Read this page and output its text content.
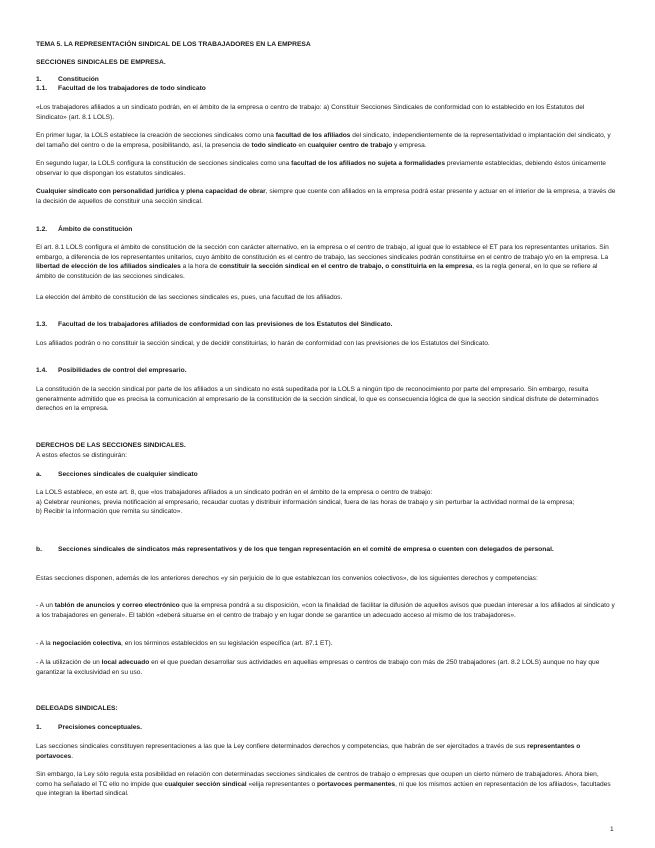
TEMA 5. LA REPRESENTACIÓN SINDICAL DE LOS TRABAJADORES EN LA EMPRESA

SECCIONES SINDICALES DE EMPRESA.

1. Constitución

1.1. Facultad de los trabajadores de todo sindicato

«Los trabajadores afiliados a un sindicato podrán, en el ámbito de la empresa o centro de trabajo: a) Constituir Secciones Sindicales de conformidad con lo establecido en los Estatutos del Sindicato» (art. 8.1 LOLS).

En primer lugar, la LOLS establece la creación de secciones sindicales como una facultad de los afiliados del sindicato, independientemente de la representatividad o implantación del sindicato, y del tamaño del centro o de la empresa, posibilitando, así, la presencia de todo sindicato en cualquier centro de trabajo y empresa.

En segundo lugar, la LOLS configura la constitución de secciones sindicales como una facultad de los afiliados no sujeta a formalidades previamente establecidas, debiendo éstos únicamente observar lo que dispongan los estatutos sindicales.

Cualquier sindicato con personalidad jurídica y plena capacidad de obrar, siempre que cuente con afiliados en la empresa podrá estar presente y actuar en el interior de la empresa, a través de la decisión de aquellos de constituir una sección sindical.

1.2. Ámbito de constitución

El art. 8.1 LOLS configura el ámbito de constitución de la sección con carácter alternativo, en la empresa o el centro de trabajo, al igual que lo establece el ET para los representantes unitarios. Sin embargo, a diferencia de los representantes unitarios, cuyo ámbito de constitución es el centro de trabajo, las secciones sindicales podrán constituirse en el centro de trabajo y/o en la empresa. La libertad de elección de los afiliados sindicales a la hora de constituir la sección sindical en el centro de trabajo, o constituirla en la empresa, es la regla general, en lo que se refiere al ámbito de constitución de las secciones sindicales.

La elección del ámbito de constitución de las secciones sindicales es, pues, una facultad de los afiliados.

1.3. Facultad de los trabajadores afiliados de conformidad con las previsiones de los Estatutos del Sindicato.

Los afiliados podrán o no constituir la sección sindical, y de decidir constituirlas, lo harán de conformidad con las previsiones de los Estatutos del Sindicato.

1.4. Posibilidades de control del empresario.

La constitución de la sección sindical por parte de los afiliados a un sindicato no está supeditada por la LOLS a ningún tipo de reconocimiento por parte del empresario. Sin embargo, resulta generalmente admitido que es precisa la comunicación al empresario de la constitución de la sección sindical, lo que es consecuencia lógica de que la sección sindical disfrute de determinados derechos en la empresa.

DERECHOS DE LAS SECCIONES SINDICALES.

A estos efectos se distinguirán:

a. Secciones sindicales de cualquier sindicato

La LOLS establece, en este art. 8, que «los trabajadores afiliados a un sindicato podrán en el ámbito de la empresa o centro de trabajo:
a) Celebrar reuniones, previa notificación al empresario, recaudar cuotas y distribuir información sindical, fuera de las horas de trabajo y sin perturbar la actividad normal de la empresa;
b) Recibir la información que remita su sindicato».

b. Secciones sindicales de sindicatos más representativos y de los que tengan representación en el comité de empresa o cuenten con delegados de personal.

Estas secciones disponen, además de los anteriores derechos «y sin perjuicio de lo que establezcan los convenios colectivos», de los siguientes derechos y competencias:

- A un tablón de anuncios y correo electrónico que la empresa pondrá a su disposición, «con la finalidad de facilitar la difusión de aquellos avisos que puedan interesar a los afiliados al sindicato y a los trabajadores en general». El tablón «deberá situarse en el centro de trabajo y en lugar donde se garantice un adecuado acceso al mismo de los trabajadores».

- A la negociación colectiva, en los términos establecidos en su legislación específica (art. 87.1 ET).

- A la utilización de un local adecuado en el que puedan desarrollar sus actividades en aquellas empresas o centros de trabajo con más de 250 trabajadores (art. 8.2 LOLS) aunque no hay que garantizar la exclusividad en su uso.

DELEGADS SINDICALES:

1. Precisiones conceptuales.

Las secciones sindicales constituyen representaciones a las que la Ley confiere determinados derechos y competencias, que habrán de ser ejercitados a través de sus representantes o portavoces.

Sin embargo, la Ley sólo regula esta posibilidad en relación con determinadas secciones sindicales de centros de trabajo o empresas que ocupen un cierto número de trabajadores. Ahora bien, como ha señalado el TC ello no impide que cualquier sección sindical «elija representantes o portavoces permanentes, ni que los mismos actúen en representación de los afiliados», facultades que integran la libertad sindical.

1
